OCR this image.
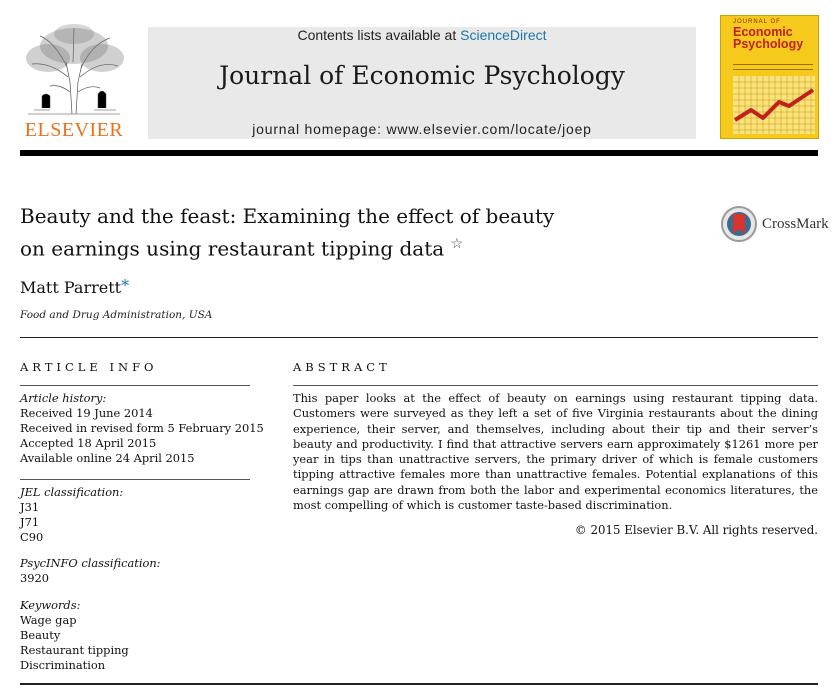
ELSEVIER
Contents lists available at ScienceDirect
Journal of Economic Psychology
journal homepage: www.elsevier.com/locate/joep
JOURNAL OF
Economic Psychology
Beauty and the feast: Examining the effect of beauty
on earnings using restaurant tipping data ☆
CrossMark
Matt Parrett*
Food and Drug Administration, USA
ARTICLE INFO	ABSTRACT
Article history:
Received 19 June 2014
Received in revised form 5 February 2015
Accepted 18 April 2015
Available online 24 April 2015
JEL classification:
J31
J71
C90
PsycINFO classification:
3920
Keywords:
Wage gap
Beauty
Restaurant tipping
Discrimination
This paper looks at the effect of beauty on earnings using restaurant tipping data. Customers were surveyed as they left a set of five Virginia restaurants about the dining experience, their server, and themselves, including about their tip and their server’s beauty and productivity. I find that attractive servers earn approximately $1261 more per year in tips than unattractive servers, the primary driver of which is female customers tipping attractive females more than unattractive females. Potential explanations of this earnings gap are drawn from both the labor and experimental economics literatures, the most compelling of which is customer taste-based discrimination.
© 2015 Elsevier B.V. All rights reserved.
